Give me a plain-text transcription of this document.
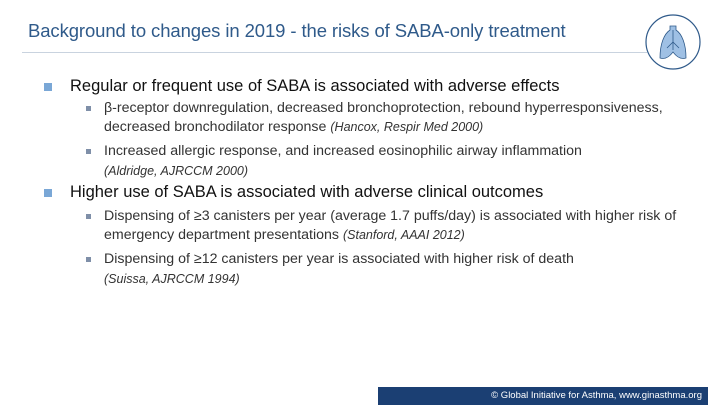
Background to changes in 2019 - the risks of SABA-only treatment
Regular or frequent use of SABA is associated with adverse effects
β-receptor downregulation, decreased bronchoprotection, rebound hyperresponsiveness, decreased bronchodilator response (Hancox, Respir Med 2000)
Increased allergic response, and increased eosinophilic airway inflammation
(Aldridge, AJRCCM 2000)
Higher use of SABA is associated with adverse clinical outcomes
Dispensing of ≥3 canisters per year (average 1.7 puffs/day) is associated with higher risk of emergency department presentations (Stanford, AAAI 2012)
Dispensing of ≥12 canisters per year is associated with higher risk of death
(Suissa, AJRCCM 1994)
© Global Initiative for Asthma, www.ginasthma.org
